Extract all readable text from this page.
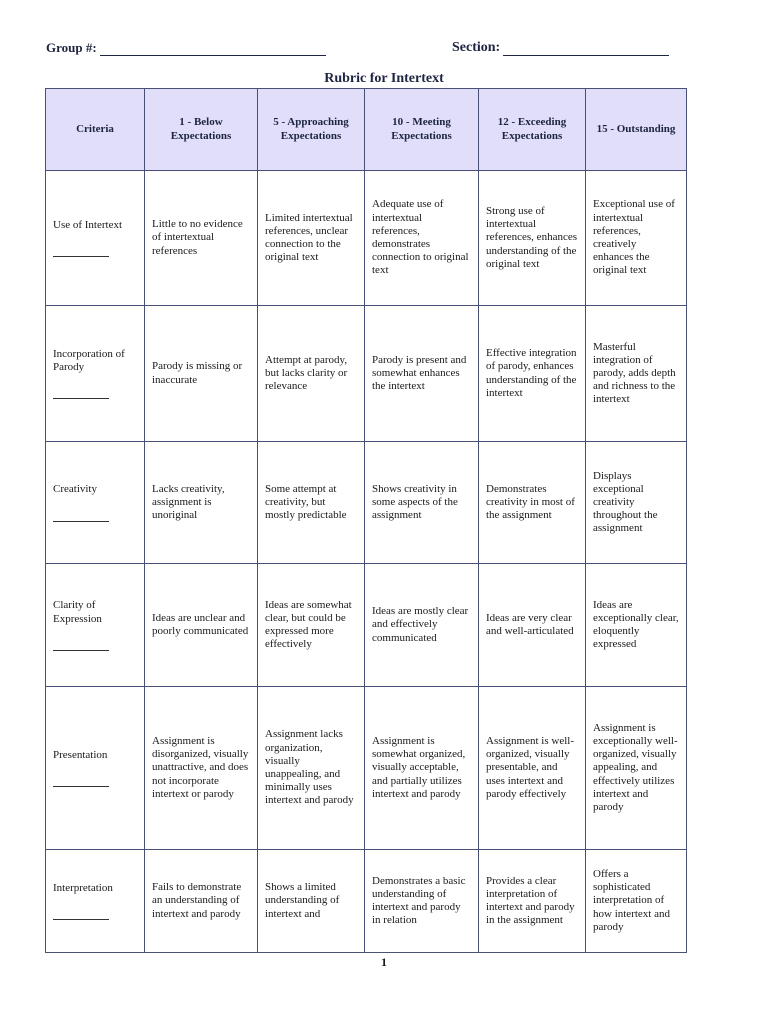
Group #:	Section:
Rubric for Intertext
Criteria	1 - Below Expectations	5 - Approaching Expectations	10 - Meeting Expectations	12 - Exceeding Expectations	15 - Outstanding

Use of Intertext	Little to no evidence of intertextual references	Limited intertextual references, unclear connection to the original text	Adequate use of intertextual references, demonstrates connection to original text	Strong use of intertextual references, enhances understanding of the original text	Exceptional use of intertextual references, creatively enhances the original text

Incorporation of Parody	Parody is missing or inaccurate	Attempt at parody, but lacks clarity or relevance	Parody is present and somewhat enhances the intertext	Effective integration of parody, enhances understanding of the intertext	Masterful integration of parody, adds depth and richness to the intertext

Creativity	Lacks creativity, assignment is unoriginal	Some attempt at creativity, but mostly predictable	Shows creativity in some aspects of the assignment	Demonstrates creativity in most of the assignment	Displays exceptional creativity throughout the assignment

Clarity of Expression	Ideas are unclear and poorly communicated	Ideas are somewhat clear, but could be expressed more effectively	Ideas are mostly clear and effectively communicated	Ideas are very clear and well-articulated	Ideas are exceptionally clear, eloquently expressed

Presentation	Assignment is disorganized, visually unattractive, and does not incorporate intertext or parody	Assignment lacks organization, visually unappealing, and minimally uses intertext and parody	Assignment is somewhat organized, visually acceptable, and partially utilizes intertext and parody	Assignment is well-organized, visually presentable, and uses intertext and parody effectively	Assignment is exceptionally well-organized, visually appealing, and effectively utilizes intertext and parody

Interpretation	Fails to demonstrate an understanding of intertext and parody	Shows a limited understanding of intertext and	Demonstrates a basic understanding of intertext and parody in relation	Provides a clear interpretation of intertext and parody in the assignment	Offers a sophisticated interpretation of how intertext and parody
1
